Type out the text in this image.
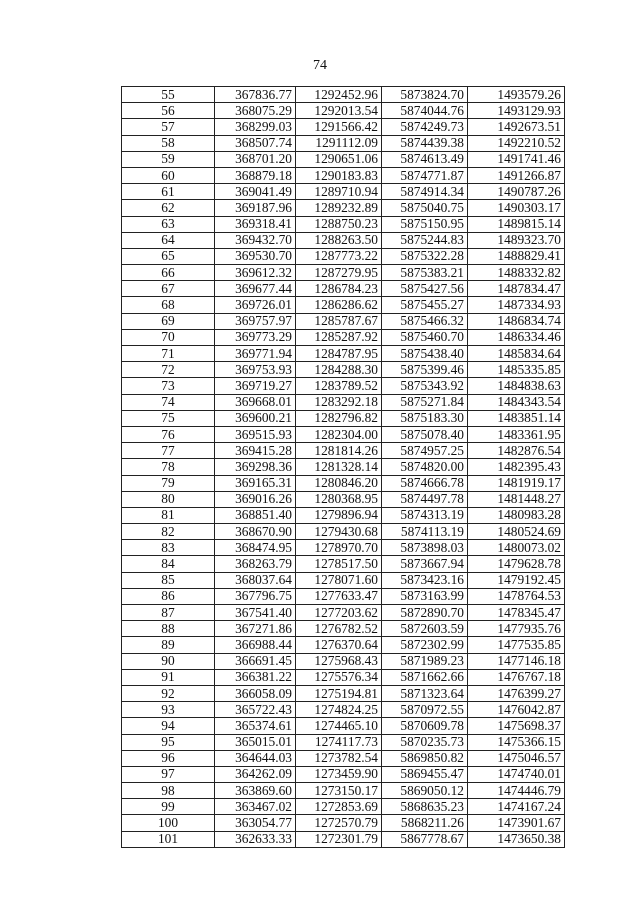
74
55	367836.77	1292452.96	5873824.70	1493579.26
56	368075.29	1292013.54	5874044.76	1493129.93
57	368299.03	1291566.42	5874249.73	1492673.51
58	368507.74	1291112.09	5874439.38	1492210.52
59	368701.20	1290651.06	5874613.49	1491741.46
60	368879.18	1290183.83	5874771.87	1491266.87
61	369041.49	1289710.94	5874914.34	1490787.26
62	369187.96	1289232.89	5875040.75	1490303.17
63	369318.41	1288750.23	5875150.95	1489815.14
64	369432.70	1288263.50	5875244.83	1489323.70
65	369530.70	1287773.22	5875322.28	1488829.41
66	369612.32	1287279.95	5875383.21	1488332.82
67	369677.44	1286784.23	5875427.56	1487834.47
68	369726.01	1286286.62	5875455.27	1487334.93
69	369757.97	1285787.67	5875466.32	1486834.74
70	369773.29	1285287.92	5875460.70	1486334.46
71	369771.94	1284787.95	5875438.40	1485834.64
72	369753.93	1284288.30	5875399.46	1485335.85
73	369719.27	1283789.52	5875343.92	1484838.63
74	369668.01	1283292.18	5875271.84	1484343.54
75	369600.21	1282796.82	5875183.30	1483851.14
76	369515.93	1282304.00	5875078.40	1483361.95
77	369415.28	1281814.26	5874957.25	1482876.54
78	369298.36	1281328.14	5874820.00	1482395.43
79	369165.31	1280846.20	5874666.78	1481919.17
80	369016.26	1280368.95	5874497.78	1481448.27
81	368851.40	1279896.94	5874313.19	1480983.28
82	368670.90	1279430.68	5874113.19	1480524.69
83	368474.95	1278970.70	5873898.03	1480073.02
84	368263.79	1278517.50	5873667.94	1479628.78
85	368037.64	1278071.60	5873423.16	1479192.45
86	367796.75	1277633.47	5873163.99	1478764.53
87	367541.40	1277203.62	5872890.70	1478345.47
88	367271.86	1276782.52	5872603.59	1477935.76
89	366988.44	1276370.64	5872302.99	1477535.85
90	366691.45	1275968.43	5871989.23	1477146.18
91	366381.22	1275576.34	5871662.66	1476767.18
92	366058.09	1275194.81	5871323.64	1476399.27
93	365722.43	1274824.25	5870972.55	1476042.87
94	365374.61	1274465.10	5870609.78	1475698.37
95	365015.01	1274117.73	5870235.73	1475366.15
96	364644.03	1273782.54	5869850.82	1475046.57
97	364262.09	1273459.90	5869455.47	1474740.01
98	363869.60	1273150.17	5869050.12	1474446.79
99	363467.02	1272853.69	5868635.23	1474167.24
100	363054.77	1272570.79	5868211.26	1473901.67
101	362633.33	1272301.79	5867778.67	1473650.38
